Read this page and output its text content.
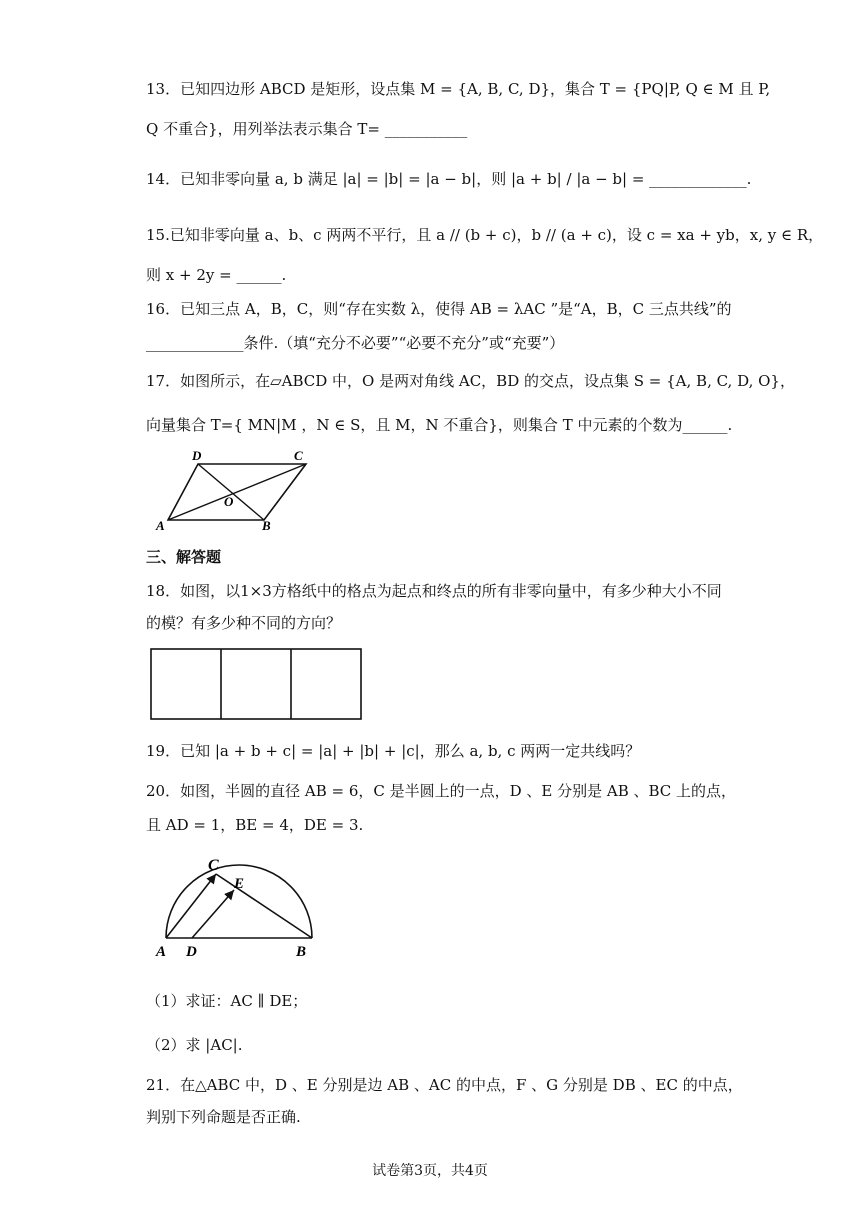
13．已知四边形 ABCD 是矩形，设点集 M = {A, B, C, D}，集合 T = {PQ|P, Q ∈ M 且 P,
Q 不重合}，用列举法表示集合 T= ___________
14．已知非零向量 a, b 满足 |a| = |b| = |a − b|，则 |a + b| / |a − b| = _____________.
15.已知非零向量 a、b、c 两两不平行，且 a // (b + c)，b // (a + c)，设 c = xa + yb，x, y ∈ R，
则 x + 2y = ______.
16．已知三点 A，B，C，则“存在实数 λ，使得 AB = λAC ”是“A，B，C 三点共线”的
_____________条件.（填“充分不必要”“必要不充分”或“充要”）
17．如图所示，在▱ABCD 中，O 是两对角线 AC，BD 的交点，设点集 S = {A, B, C, D, O}，
向量集合 T={ MN|M ，N ∈ S，且 M，N 不重合}，则集合 T 中元素的个数为______.
D	C
O
A	B
三、解答题
18．如图，以1×3方格纸中的格点为起点和终点的所有非零向量中，有多少种大小不同
的模？有多少种不同的方向？
19．已知 |a + b + c| = |a| + |b| + |c|，那么 a, b, c 两两一定共线吗？
20．如图，半圆的直径 AB = 6，C 是半圆上的一点，D 、E 分别是 AB 、BC 上的点，
且 AD = 1，BE = 4，DE = 3.
C
E
A D	B
（1）求证：AC ∥ DE；
（2）求 |AC|.
21．在△ABC 中，D 、E 分别是边 AB 、AC 的中点，F 、G 分别是 DB 、EC 的中点，
判别下列命题是否正确.
试卷第3页，共4页
